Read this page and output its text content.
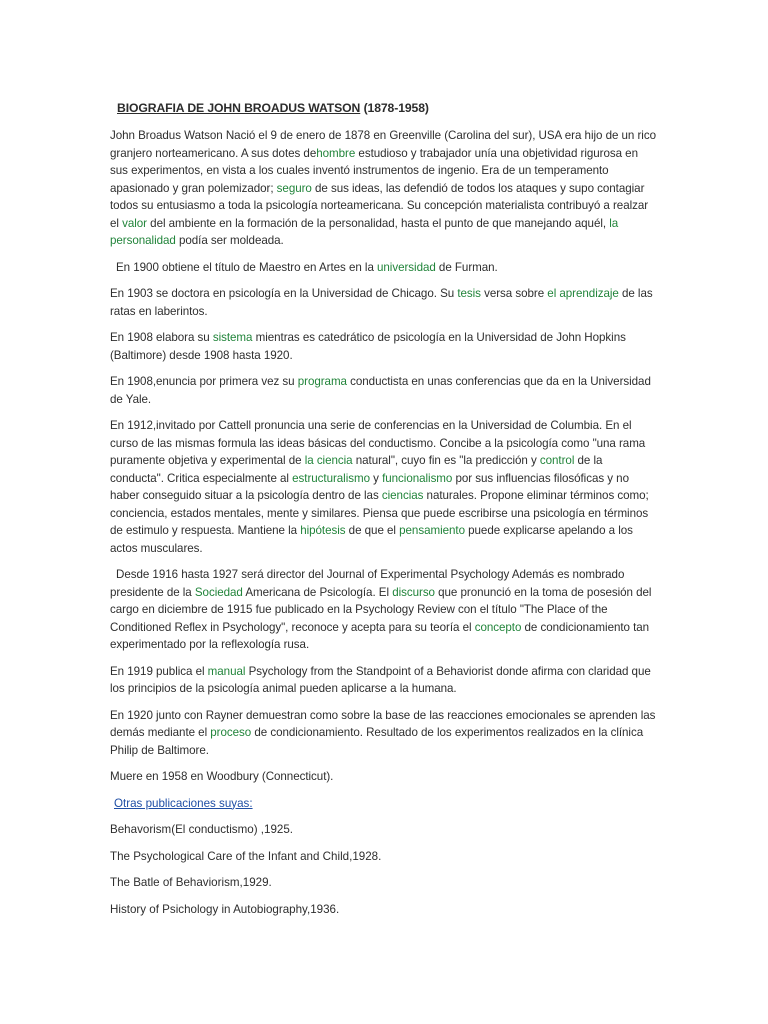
BIOGRAFIA DE JOHN BROADUS WATSON (1878-1958)

John Broadus Watson Nació el 9 de enero de 1878 en Greenville (Carolina del sur), USA era hijo de un rico granjero norteamericano. A sus dotes dehombre estudioso y trabajador unía una objetividad rigurosa en sus experimentos, en vista a los cuales inventó instrumentos de ingenio. Era de un temperamento apasionado y gran polemizador; seguro de sus ideas, las defendió de todos los ataques y supo contagiar todos su entusiasmo a toda la psicología norteamericana. Su concepción materialista contribuyó a realzar el valor del ambiente en la formación de la personalidad, hasta el punto de que manejando aquél, la personalidad podía ser moldeada.

En 1900 obtiene el título de Maestro en Artes en la universidad de Furman.

En 1903 se doctora en psicología en la Universidad de Chicago. Su tesis versa sobre el aprendizaje de las ratas en laberintos.

En 1908 elabora su sistema mientras es catedrático de psicología en la Universidad de John Hopkins (Baltimore) desde 1908 hasta 1920.

En 1908,enuncia por primera vez su programa conductista en unas conferencias que da en la Universidad de Yale.

En 1912,invitado por Cattell pronuncia una serie de conferencias en la Universidad de Columbia. En el curso de las mismas formula las ideas básicas del conductismo. Concibe a la psicología como "una rama puramente objetiva y experimental de la ciencia natural", cuyo fin es "la predicción y control de la conducta". Critica especialmente al estructuralismo y funcionalismo por sus influencias filosóficas y no haber conseguido situar a la psicología dentro de las ciencias naturales. Propone eliminar términos como; conciencia, estados mentales, mente y similares. Piensa que puede escribirse una psicología en términos de estimulo y respuesta. Mantiene la hipótesis de que el pensamiento puede explicarse apelando a los actos musculares.

Desde 1916 hasta 1927 será director del Journal of Experimental Psychology Además es nombrado presidente de la Sociedad Americana de Psicología. El discurso que pronunció en la toma de posesión del cargo en diciembre de 1915 fue publicado en la Psychology Review con el título "The Place of the Conditioned Reflex in Psychology", reconoce y acepta para su teoría el concepto de condicionamiento tan experimentado por la reflexología rusa.

En 1919 publica el manual Psychology from the Standpoint of a Behaviorist donde afirma con claridad que los principios de la psicología animal pueden aplicarse a la humana.

En 1920 junto con Rayner demuestran como sobre la base de las reacciones emocionales se aprenden las demás mediante el proceso de condicionamiento. Resultado de los experimentos realizados en la clínica Philip de Baltimore.

Muere en 1958 en Woodbury (Connecticut).

Otras publicaciones suyas:

Behavorism(El conductismo) ,1925.

The Psychological Care of the Infant and Child,1928.

The Batle of Behaviorism,1929.

History of Psichology in Autobiography,1936.
